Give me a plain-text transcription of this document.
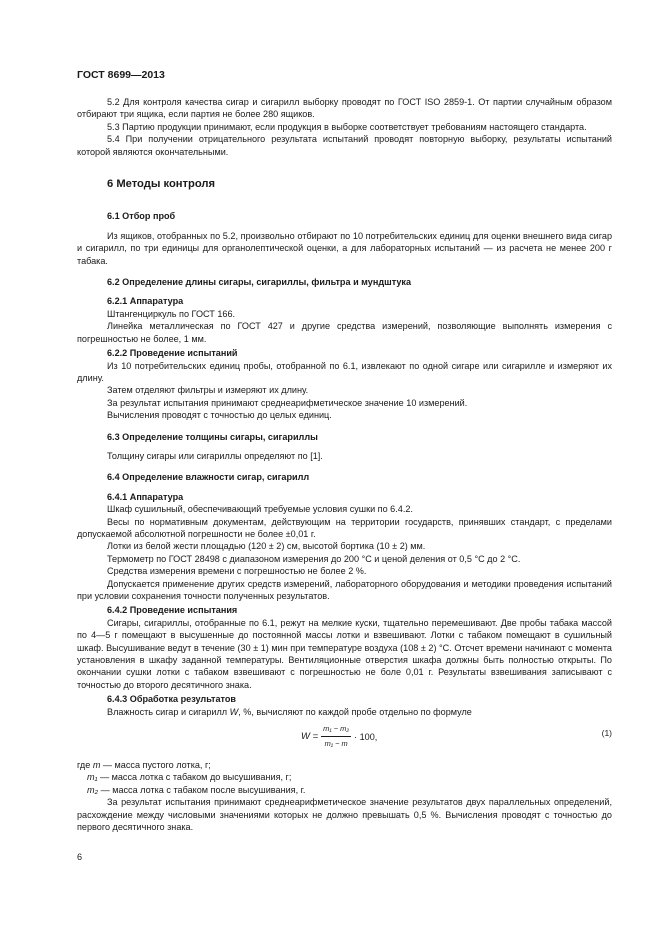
ГОСТ 8699—2013

5.2 Для контроля качества сигар и сигарилл выборку проводят по ГОСТ ISO 2859-1. От партии случайным образом отбирают три ящика, если партия не более 280 ящиков.

5.3 Партию продукции принимают, если продукция в выборке соответствует требованиям настоящего стандарта.

5.4 При получении отрицательного результата испытаний проводят повторную выборку, результаты испытаний которой являются окончательными.

6 Методы контроля
6.1 Отбор проб

Из ящиков, отобранных по 5.2, произвольно отбирают по 10 потребительских единиц для оценки внешнего вида сигар и сигарилл, по три единицы для органолептической оценки, а для лабораторных испытаний — из расчета не менее 200 г табака.

6.2 Определение длины сигары, сигариллы, фильтра и мундштука
6.2.1 Аппаратура

Штангенциркуль по ГОСТ 166.

Линейка металлическая по ГОСТ 427 и другие средства измерений, позволяющие выполнять измерения с погрешностью не более, 1 мм.

6.2.2 Проведение испытаний

Из 10 потребительских единиц пробы, отобранной по 6.1, извлекают по одной сигаре или сигарилле и измеряют их длину.

Затем отделяют фильтры и измеряют их длину.

За результат испытания принимают среднеарифметическое значение 10 измерений.

Вычисления проводят с точностью до целых единиц.

6.3 Определение толщины сигары, сигариллы

Толщину сигары или сигариллы определяют по [1].

6.4 Определение влажности сигар, сигарилл
6.4.1 Аппаратура

Шкаф сушильный, обеспечивающий требуемые условия сушки по 6.4.2.

Весы по нормативным документам, действующим на территории государств, принявших стандарт, с пределами допускаемой абсолютной погрешности не более ±0,01 г.

Лотки из белой жести площадью (120 ± 2) см, высотой бортика (10 ± 2) мм.

Термометр по ГОСТ 28498 с диапазоном измерения до 200 °С и ценой деления от 0,5 °С до 2 °С.

Средства измерения времени с погрешностью не более 2 %.

Допускается применение других средств измерений, лабораторного оборудования и методики проведения испытаний при условии сохранения точности полученных результатов.

6.4.2 Проведение испытания

Сигары, сигариллы, отобранные по 6.1, режут на мелкие куски, тщательно перемешивают. Две пробы табака массой по 4—5 г помещают в высушенные до постоянной массы лотки и взвешивают. Лотки с табаком помещают в сушильный шкаф. Высушивание ведут в течение (30 ± 1) мин при температуре воздуха (108 ± 2) °С. Отсчет времени начинают с момента установления в шкафу заданной температуры. Вентиляционные отверстия шкафа должны быть полностью открыты. По окончании сушки лотки с табаком взвешивают с погрешностью не боле 0,01 г. Результаты взвешивания записывают с точностью до второго десятичного знака.

6.4.3 Обработка результатов

Влажность сигар и сигарилл W, %, вычисляют по каждой пробе отдельно по формуле

$W = \frac{\text{m₁ − m₂}}{\text{m₁ − m}} \cdot 100$,	(1)

где m — масса пустого лотка, г;

m₁ — масса лотка с табаком до высушивания, г;

m₂ — масса лотка с табаком после высушивания, г.

За результат испытания принимают среднеарифметическое значение результатов двух параллельных определений, расхождение между числовыми значениями которых не должно превышать 0,5 %. Вычисления проводят с точностью до первого десятичного знака.

6
